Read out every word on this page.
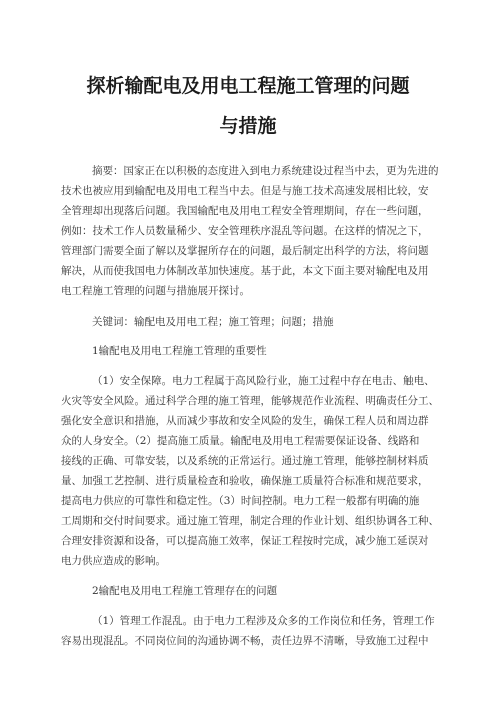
探析输配电及用电工程施工管理的问题
与措施
摘要：国家正在以积极的态度进入到电力系统建设过程当中去，更为先进的
技术也被应用到输配电及用电工程当中去。但是与施工技术高速发展相比较，安
全管理却出现落后问题。我国输配电及用电工程安全管理期间，存在一些问题，
例如：技术工作人员数量稀少、安全管理秩序混乱等问题。在这样的情况之下，
管理部门需要全面了解以及掌握所存在的问题，最后制定出科学的方法，将问题
解决，从而使我国电力体制改革加快速度。基于此，本文下面主要对输配电及用
电工程施工管理的问题与措施展开探讨。
关键词：输配电及用电工程；施工管理；问题；措施
1输配电及用电工程施工管理的重要性
（1）安全保障。电力工程属于高风险行业，施工过程中存在电击、触电、
火灾等安全风险。通过科学合理的施工管理，能够规范作业流程、明确责任分工、
强化安全意识和措施，从而减少事故和安全风险的发生，确保工程人员和周边群
众的人身安全。（2）提高施工质量。输配电及用电工程需要保证设备、线路和
接线的正确、可靠安装，以及系统的正常运行。通过施工管理，能够控制材料质
量、加强工艺控制、进行质量检查和验收，确保施工质量符合标准和规范要求，
提高电力供应的可靠性和稳定性。（3）时间控制。电力工程一般都有明确的施
工周期和交付时间要求。通过施工管理，制定合理的作业计划、组织协调各工种、
合理安排资源和设备，可以提高施工效率，保证工程按时完成，减少施工延误对
电力供应造成的影响。
2输配电及用电工程施工管理存在的问题
（1）管理工作混乱。由于电力工程涉及众多的工作岗位和任务，管理工作
容易出现混乱。不同岗位间的沟通协调不畅，责任边界不清晰，导致施工过程中
